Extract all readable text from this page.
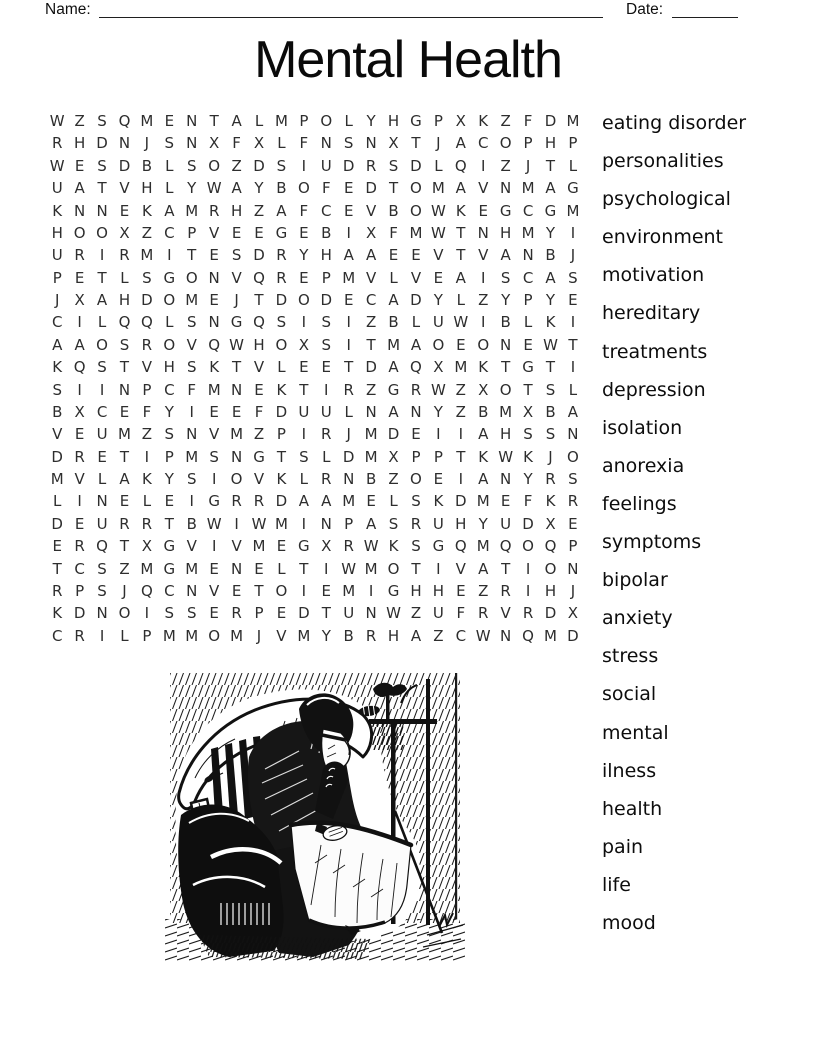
Name:	Date:
Mental Health
W Z S Q M E N T A L M P O L Y H G P X K Z F D M
R H D N J S N X F X L F N S N X T J A C O P H P
W E S D B L S O Z D S I U D R S D L Q I Z J T L
U A T V H L Y W A Y B O F E D T O M A V N M A G
K N N E K A M R H Z A F C E V B O W K E G C G M
H O O X Z C P V E E G E B I X F M W T N H M Y I
U R I R M I T E S D R Y H A A E E V T V A N B J
P E T L S G O N V Q R E P M V L V E A I S C A S
J X A H D O M E J T D O D E C A D Y L Z Y P Y E
C I L Q Q L S N G Q S I S I Z B L U W I B L K I
A A O S R O V Q W H O X S I T M A O E O N E W T
K Q S T V H S K T V L E E T D A Q X M K T G T I
S I I N P C F M N E K T I R Z G R W Z X O T S L
B X C E F Y I E E F D U U L N A N Y Z B M X B A
V E U M Z S N V M Z P I R J M D E I I A H S S N
D R E T I P M S N G T S L D M X P P T K W K J O
M V L A K Y S I O V K L R N B Z O E I A N Y R S
L I N E L E I G R R D A A M E L S K D M E F K R
D E U R R T B W I W M I N P A S R U H Y U D X E
E R Q T X G V I V M E G X R W K S G Q M Q O Q P
T C S Z M G M E N E L T I W M O T I V A T I O N
R P S J Q C N V E T O I E M I G H H E Z R I H J
K D N O I S S E R P E D T U N W Z U F R V R D X
C R I L P M M O M J V M Y B R H A Z C W N Q M D
eating disorder
personalities
psychological
environment
motivation
hereditary
treatments
depression
isolation
anorexia
feelings
symptoms
bipolar
anxiety
stress
social
mental
ilness
health
pain
life
mood
